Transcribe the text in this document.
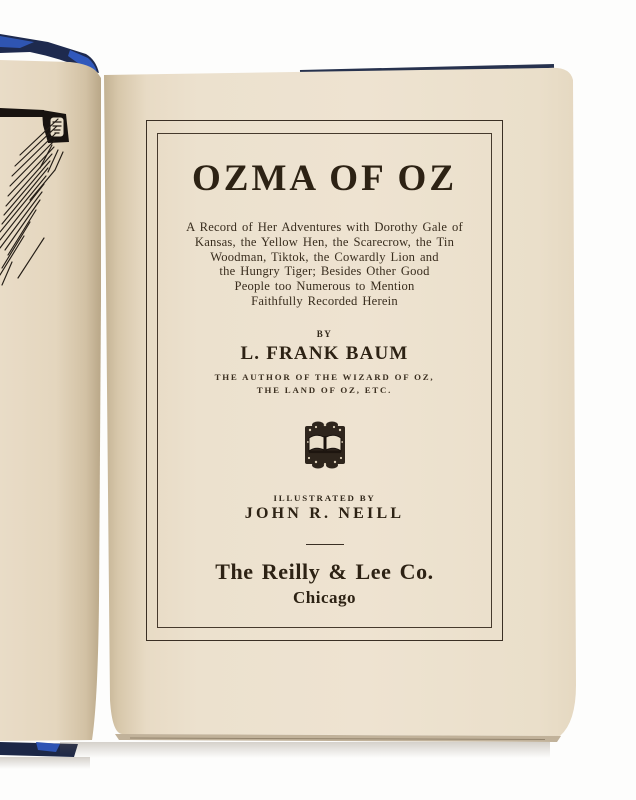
OZMA OF OZ
A Record of Her Adventures with Dorothy Gale of
Kansas, the Yellow Hen, the Scarecrow, the Tin
Woodman, Tiktok, the Cowardly Lion and
the Hungry Tiger; Besides Other Good
People too Numerous to Mention
Faithfully Recorded Herein
BY
L. FRANK BAUM
THE AUTHOR OF THE WIZARD OF OZ,
THE LAND OF OZ, ETC.
ILLUSTRATED BY
JOHN R. NEILL
The Reilly & Lee Co.
Chicago
